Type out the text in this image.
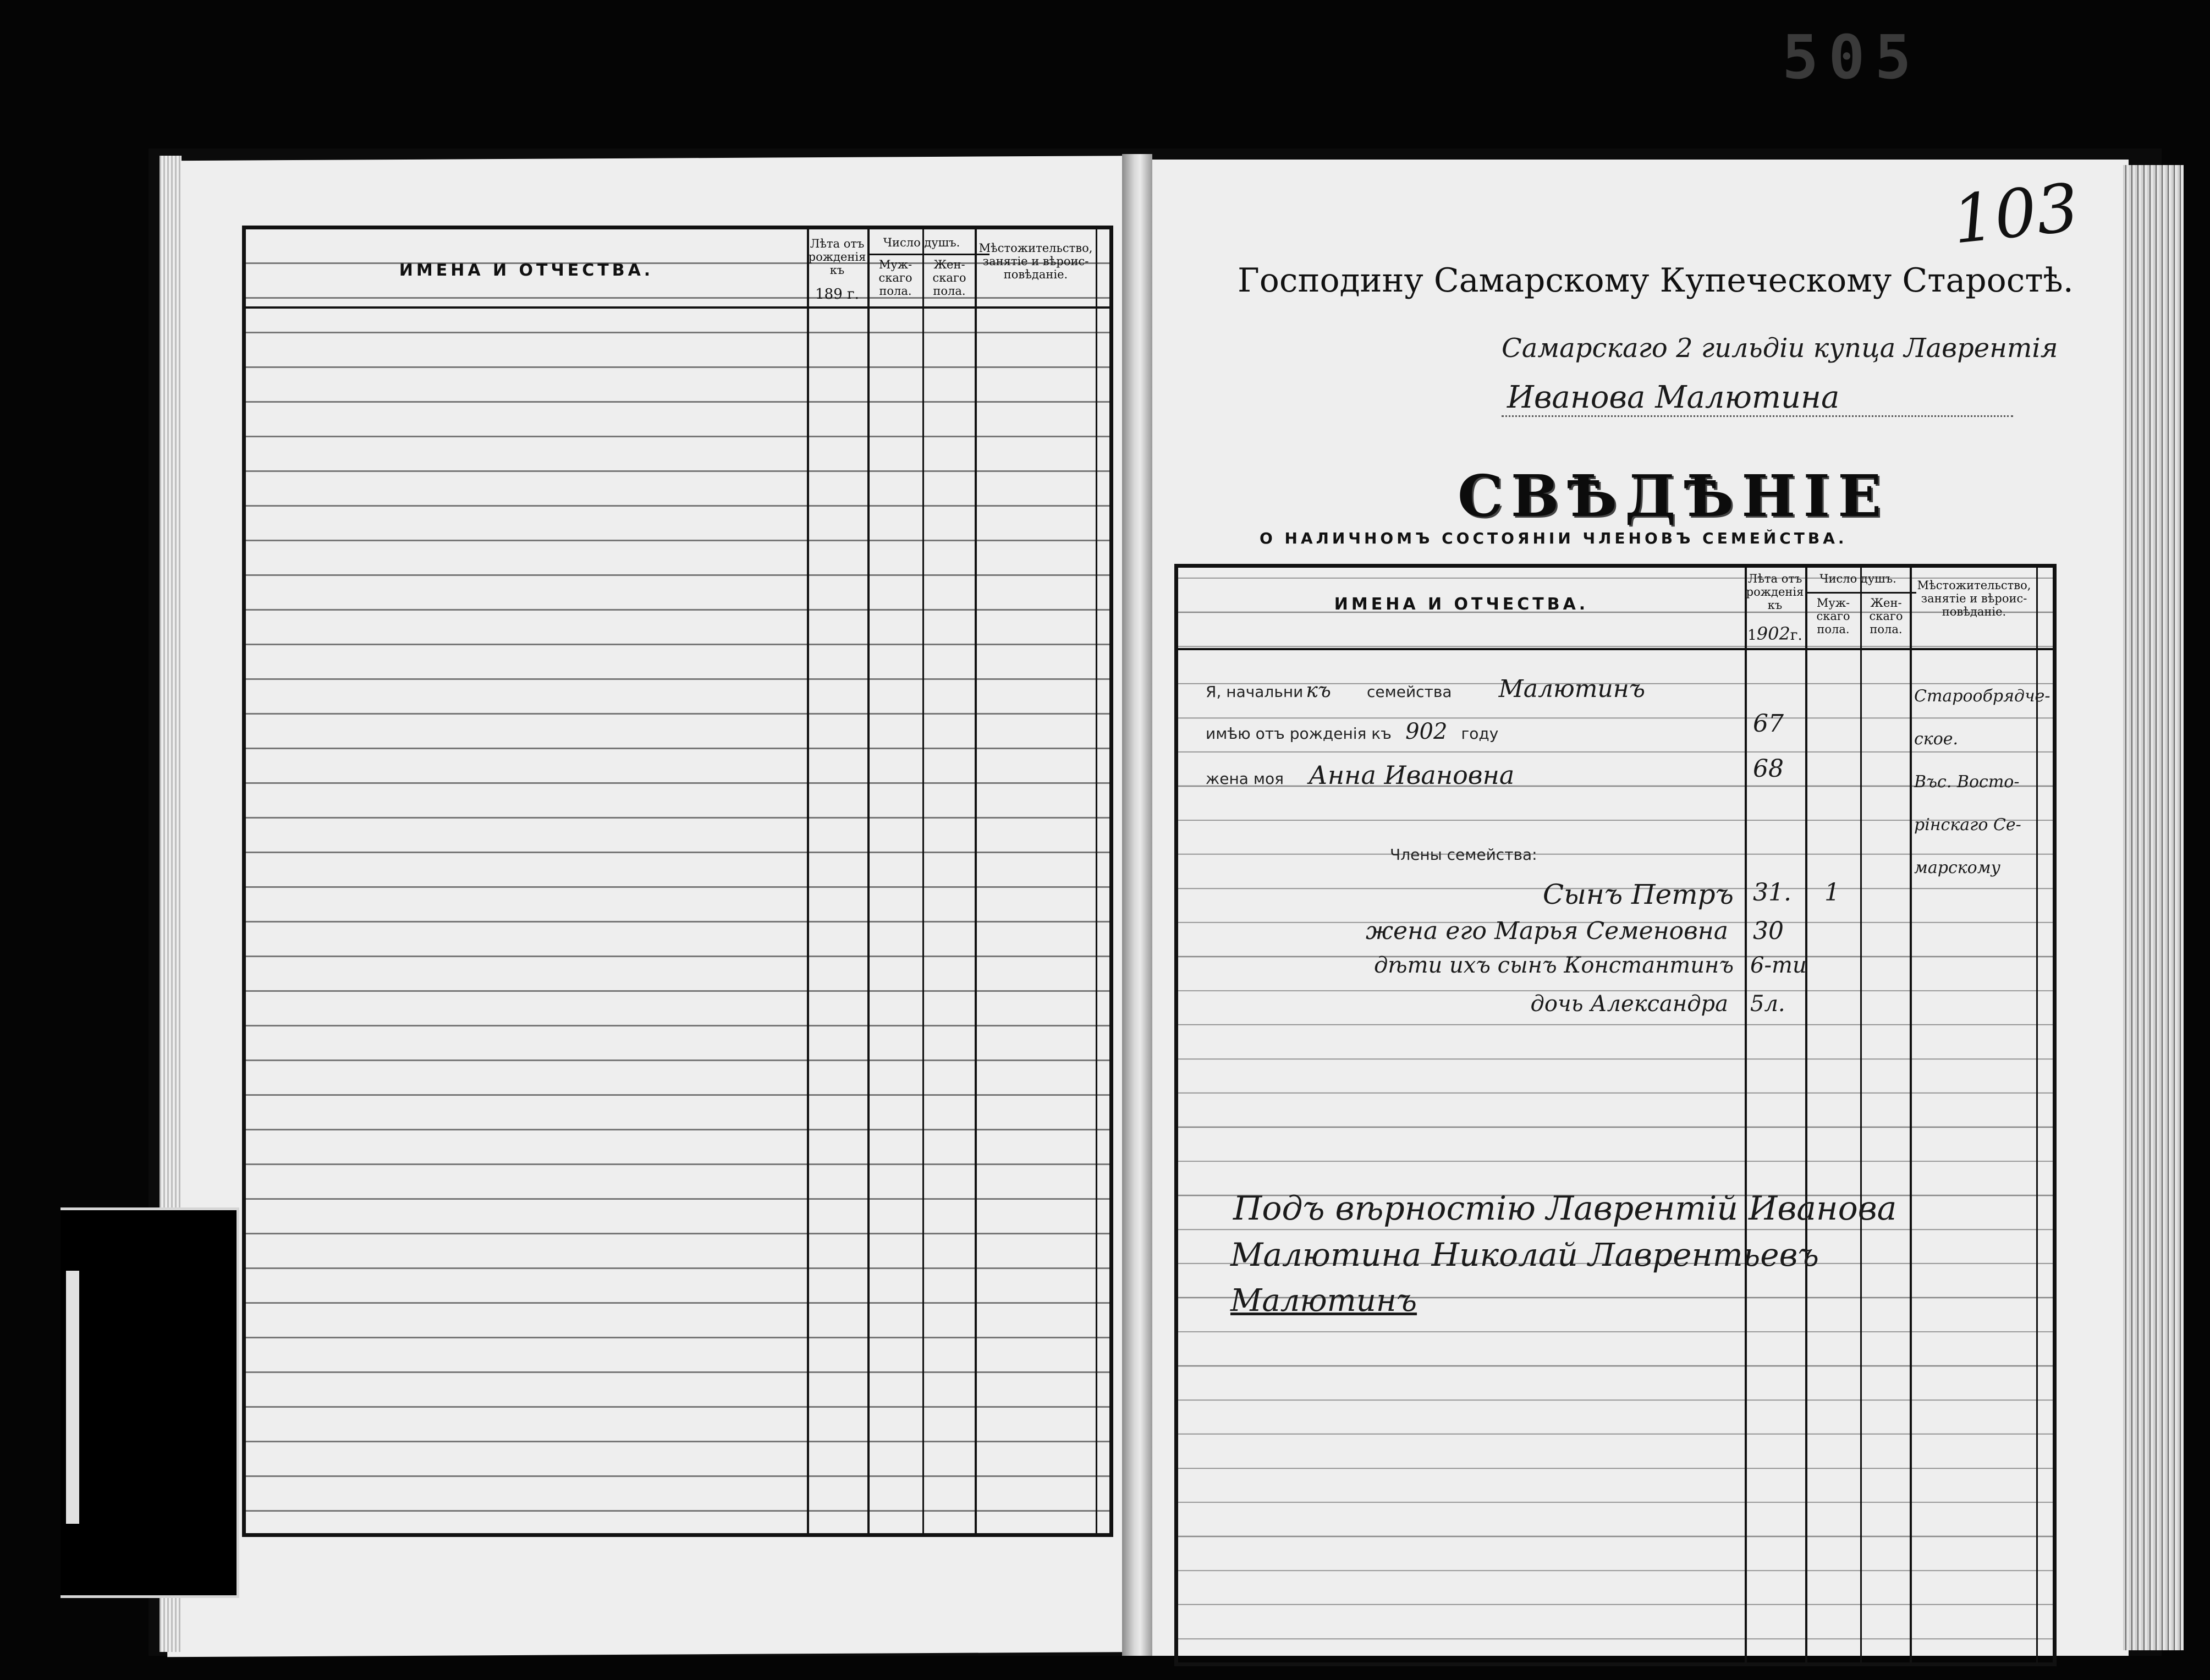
505
ИМЕНА И ОТЧЕСТВА.
Лѣта отъ рожденія къ
189 г.
Число душъ.
Муж-скаго пола.
Жен-скаго пола.
Мѣстожительство, занятіе и вѣроис-повѣданіе.
103
Господину Самарскому Купеческому Старостѣ.
Самарскаго 2 гильдіи купца Лаврентія
Иванова Малютина
СВѢДѢНІЕ
О НАЛИЧНОМЪ СОСТОЯНІИ ЧЛЕНОВЪ СЕМЕЙСТВА.
ИМЕНА И ОТЧЕСТВА.
Лѣта отъ рожденія къ
1902г.
Число душъ.
Муж-скаго пола.
Жен-скаго пола.
Мѣстожительство, занятіе и вѣроис-повѣданіе.
Я, начальни къ семейства Малютинъ
имѣю отъ рожденія къ 902 году	67
жена моя Анна Ивановна	68
Члены семейства:
Сынъ Петръ 31. 1
жена его Марья Семеновна 30
дѣти ихъ сынъ Константинъ 6-ти
дочь Александра 5л.
Старообрядче-
ское.
Въс. Восто-
рінскаго Се-
марскому
Подъ вѣрностію Лаврентій Иванова
Малютина Николай Лаврентьевъ
Малютинъ
